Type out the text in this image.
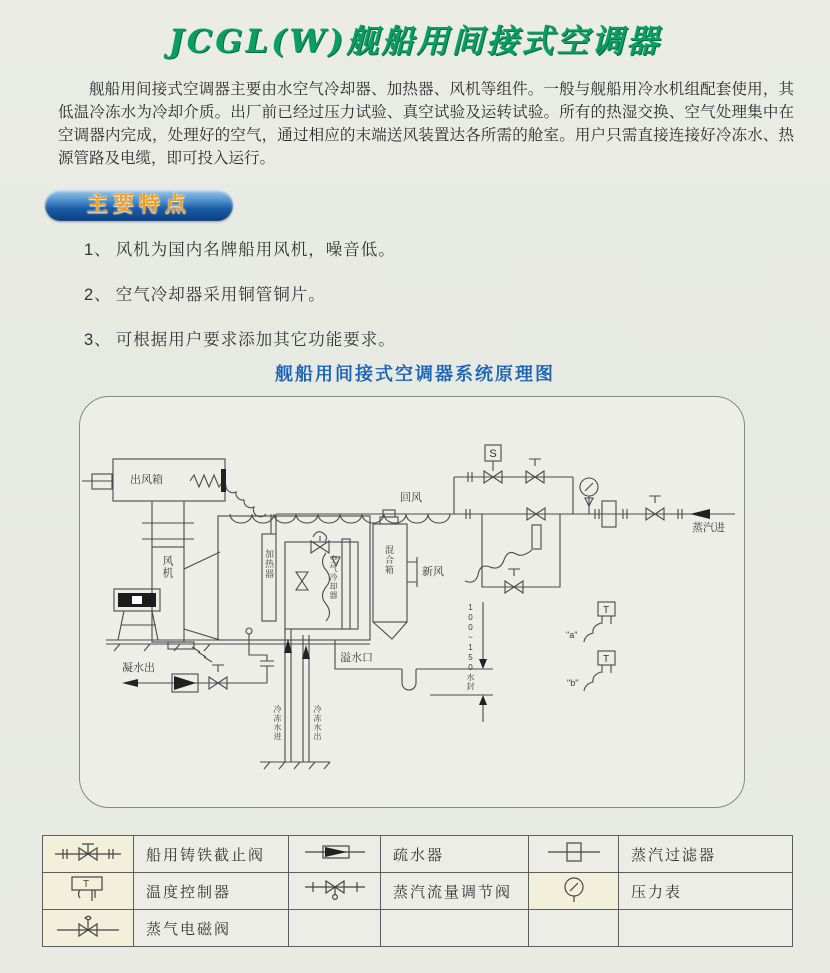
JCGL(W)舰船用间接式空调器

舰船用间接式空调器主要由水空气冷却器、加热器、风机等组件。一般与舰船用冷水机组配套使用，其低温冷冻水为冷却介质。出厂前已经过压力试验、真空试验及运转试验。所有的热湿交换、空气处理集中在空调器内完成，处理好的空气，通过相应的末端送风装置达各所需的舱室。用户只需直接连接好冷冻水、热源管路及电缆，即可投入运行。

主要特点
1、 风机为国内名牌船用风机，噪音低。
2、 空气冷却器采用铜管铜片。
3、 可根据用户要求添加其它功能要求。
舰船用间接式空调器系统原理图
S
T
T
出风箱
风机	加热器	空气冷却器	混合箱	新风
回风
蒸汽进
凝水出
溢水口
冷冻水进	冷冻水出
100~150水封	"a"
"b"
	船用铸铁截止阀		疏水器		蒸汽过滤器

T	温度控制器		蒸汽流量调节阀		压力表
	蒸气电磁阀				
